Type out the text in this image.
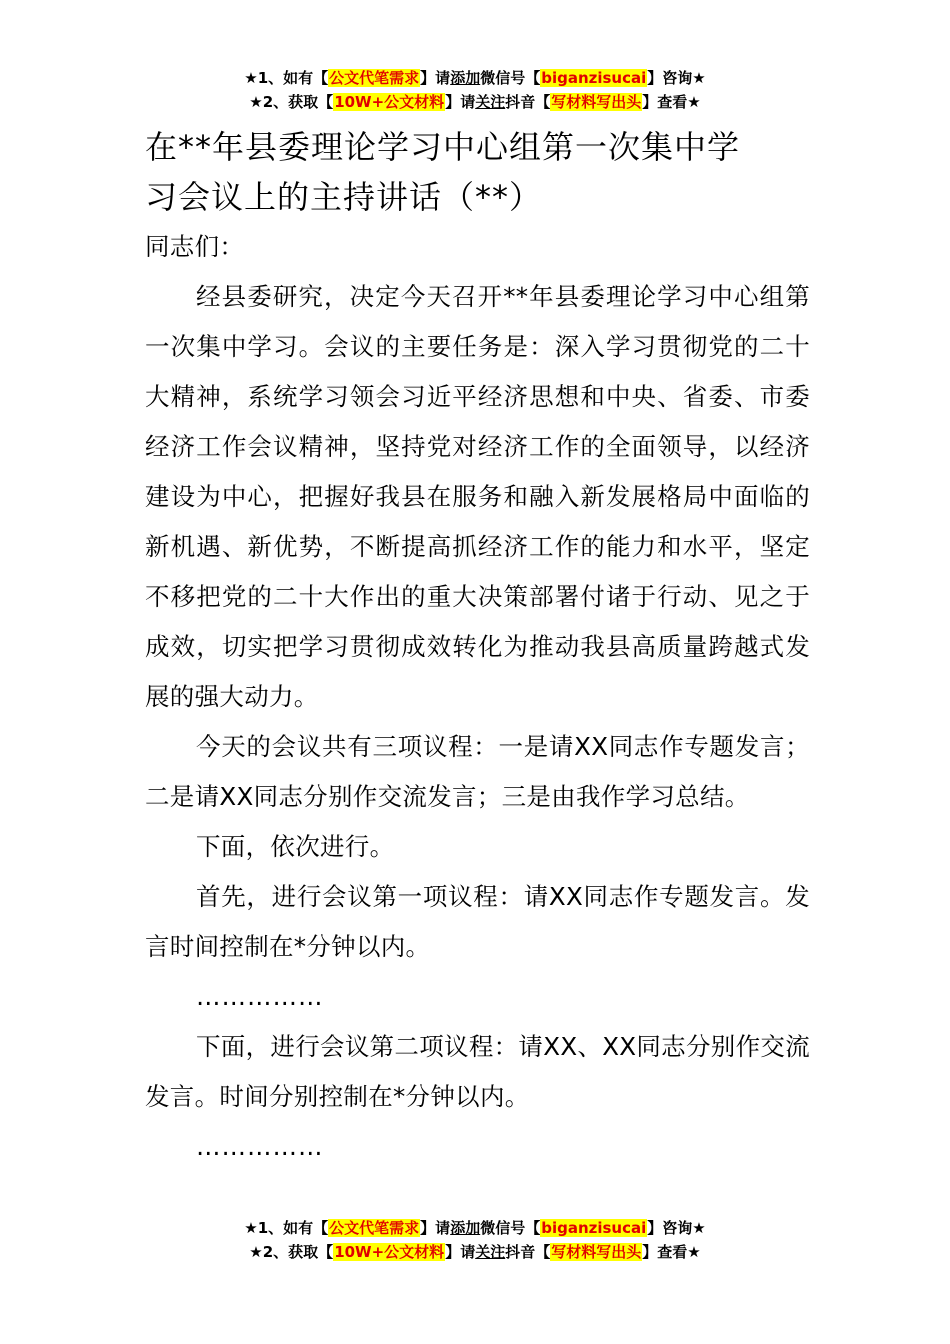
★1、如有【公文代笔需求】请添加微信号【biganzisucai】咨询★
★2、获取【10W+公文材料】请关注抖音【写材料写出头】查看★
在**年县委理论学习中心组第一次集中学
习会议上的主持讲话（**）

同志们：

经县委研究，决定今天召开**年县委理论学习中心组第一次集中学习。会议的主要任务是：深入学习贯彻党的二十大精神，系统学习领会习近平经济思想和中央、省委、市委经济工作会议精神，坚持党对经济工作的全面领导，以经济建设为中心，把握好我县在服务和融入新发展格局中面临的新机遇、新优势，不断提高抓经济工作的能力和水平，坚定不移把党的二十大作出的重大决策部署付诸于行动、见之于成效，切实把学习贯彻成效转化为推动我县高质量跨越式发展的强大动力。

今天的会议共有三项议程：一是请XX同志作专题发言；二是请XX同志分别作交流发言；三是由我作学习总结。

下面，依次进行。

首先，进行会议第一项议程：请XX同志作专题发言。发言时间控制在*分钟以内。

……………

下面，进行会议第二项议程：请XX、XX同志分别作交流发言。时间分别控制在*分钟以内。

……………

★1、如有【公文代笔需求】请添加微信号【biganzisucai】咨询★
★2、获取【10W+公文材料】请关注抖音【写材料写出头】查看★
